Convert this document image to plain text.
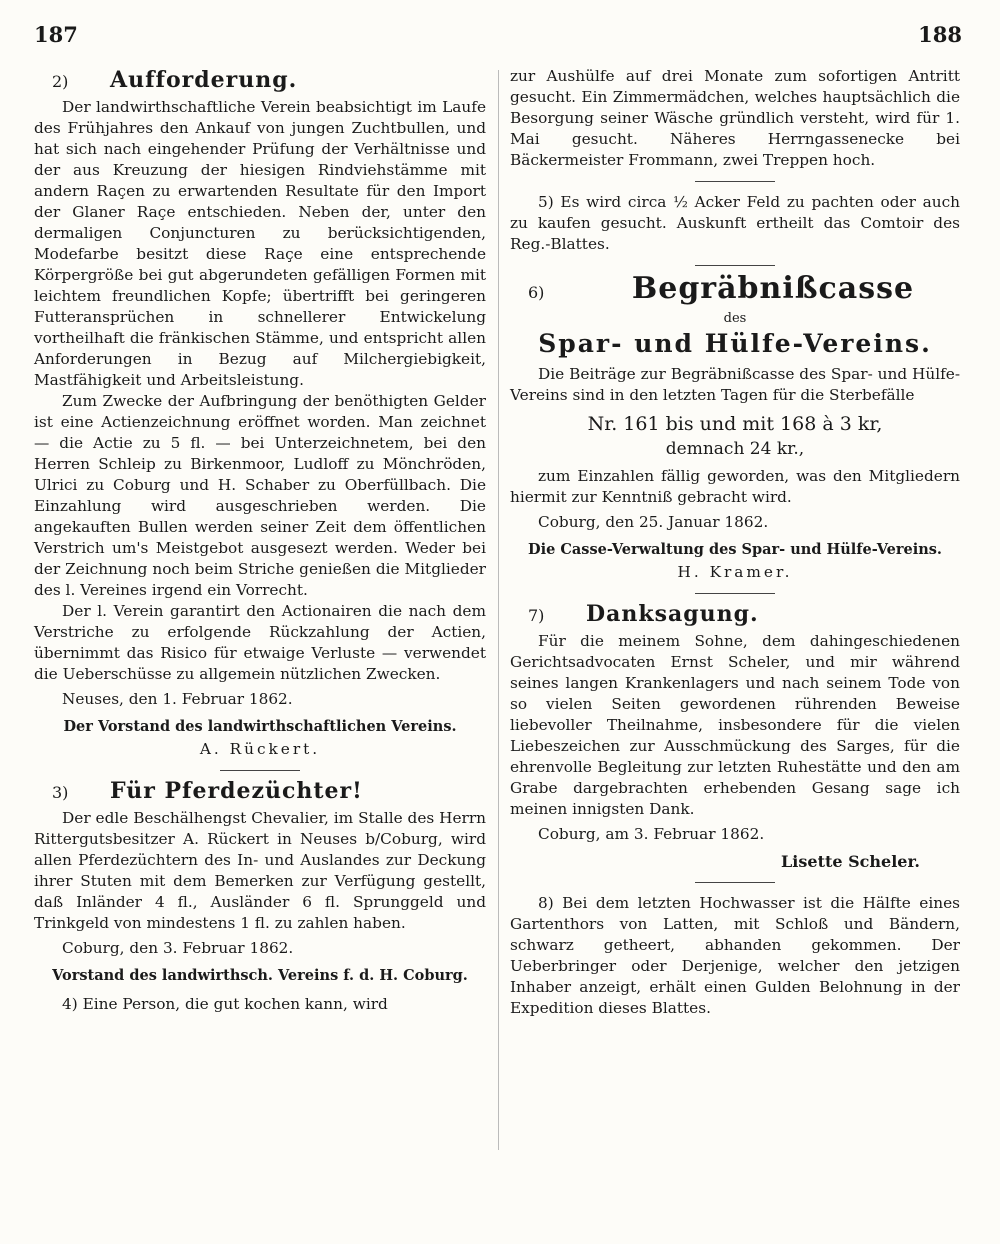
187	188
2)	Aufforderung.

Der landwirthschaftliche Verein beabsichtigt im Laufe des Frühjahres den Ankauf von jungen Zuchtbullen, und hat sich nach eingehender Prüfung der Verhältnisse und der aus Kreuzung der hiesigen Rindviehstämme mit andern Raçen zu erwartenden Resultate für den Import der Glaner Raçe entschieden. Neben der, unter den dermaligen Conjuncturen zu berücksichtigenden, Modefarbe besitzt diese Raçe eine entsprechende Körpergröße bei gut abgerundeten gefälligen Formen mit leichtem freundlichen Kopfe; übertrifft bei geringeren Futteransprüchen in schnellerer Entwickelung vortheilhaft die fränkischen Stämme, und entspricht allen Anforderungen in Bezug auf Milchergiebigkeit, Mastfähigkeit und Arbeitsleistung.

Zum Zwecke der Aufbringung der benöthigten Gelder ist eine Actienzeichnung eröffnet worden. Man zeichnet — die Actie zu 5 fl. — bei Unterzeichnetem, bei den Herren Schleip zu Birkenmoor, Ludloff zu Mönchröden, Ulrici zu Coburg und H. Schaber zu Oberfüllbach. Die Einzahlung wird ausgeschrieben werden. Die angekauften Bullen werden seiner Zeit dem öffentlichen Verstrich um's Meistgebot ausgesezt werden. Weder bei der Zeichnung noch beim Striche genießen die Mitglieder des l. Vereines irgend ein Vorrecht.

Der l. Verein garantirt den Actionairen die nach dem Verstriche zu erfolgende Rückzahlung der Actien, übernimmt das Risico für etwaige Verluste — verwendet die Ueberschüsse zu allgemein nützlichen Zwecken.

Neuses, den 1. Februar 1862.
Der Vorstand des landwirthschaftlichen Vereins.
A. Rückert.
3)	Für Pferdezüchter!

Der edle Beschälhengst Chevalier, im Stalle des Herrn Rittergutsbesitzer A. Rückert in Neuses b/Coburg, wird allen Pferdezüchtern des In- und Auslandes zur Deckung ihrer Stuten mit dem Bemerken zur Verfügung gestellt, daß Inländer 4 fl., Ausländer 6 fl. Sprunggeld und Trinkgeld von mindestens 1 fl. zu zahlen haben.

Coburg, den 3. Februar 1862.
Vorstand des landwirthsch. Vereins f. d. H. Coburg.

4) Eine Person, die gut kochen kann, wird

zur Aushülfe auf drei Monate zum sofortigen Antritt gesucht. Ein Zimmermädchen, welches hauptsächlich die Besorgung seiner Wäsche gründlich versteht, wird für 1. Mai gesucht. Näheres Herrngassenecke bei Bäckermeister Frommann, zwei Treppen hoch.

5) Es wird circa ½ Acker Feld zu pachten oder auch zu kaufen gesucht. Auskunft ertheilt das Comtoir des Reg.-Blattes.

6)	Begräbnißcasse
des
Spar- und Hülfe-Vereins.

Die Beiträge zur Begräbnißcasse des Spar- und Hülfe-Vereins sind in den letzten Tagen für die Sterbefälle

Nr. 161 bis und mit 168 à 3 kr,
demnach 24 kr.,

zum Einzahlen fällig geworden, was den Mitgliedern hiermit zur Kenntniß gebracht wird.

Coburg, den 25. Januar 1862.
Die Casse-Verwaltung des Spar- und Hülfe-Vereins.
H. Kramer.
7)	Danksagung.

Für die meinem Sohne, dem dahingeschiedenen Gerichtsadvocaten Ernst Scheler, und mir während seines langen Krankenlagers und nach seinem Tode von so vielen Seiten gewordenen rührenden Beweise liebevoller Theilnahme, insbesondere für die vielen Liebeszeichen zur Ausschmückung des Sarges, für die ehrenvolle Begleitung zur letzten Ruhestätte und den am Grabe dargebrachten erhebenden Gesang sage ich meinen innigsten Dank.

Coburg, am 3. Februar 1862.
Lisette Scheler.

8) Bei dem letzten Hochwasser ist die Hälfte eines Gartenthors von Latten, mit Schloß und Bändern, schwarz getheert, abhanden gekommen. Der Ueberbringer oder Derjenige, welcher den jetzigen Inhaber anzeigt, erhält einen Gulden Belohnung in der Expedition dieses Blattes.
